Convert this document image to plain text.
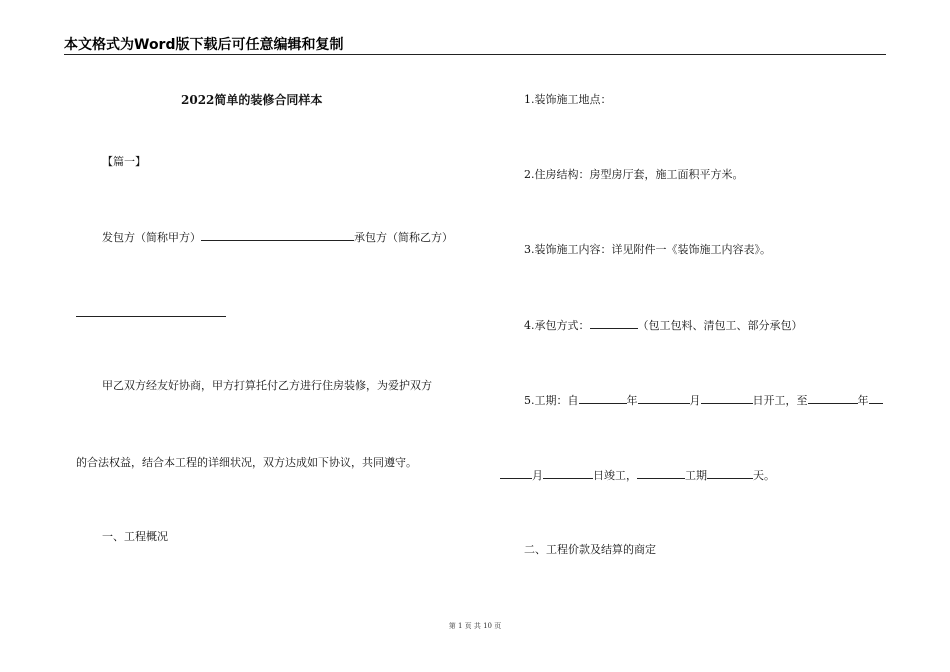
本文格式为Word版下载后可任意编辑和复制
2022简单的装修合同样本
【篇一】
发包方（简称甲方）	承包方（简称乙方）
甲乙双方经友好协商，甲方打算托付乙方进行住房装修，为爱护双方
的合法权益，结合本工程的详细状况，双方达成如下协议，共同遵守。
一、工程概况
1.装饰施工地点：
2.住房结构：房型房厅套，施工面积平方米。
3.装饰施工内容：详见附件一《装饰施工内容表》。
4.承包方式：	（包工包料、清包工、部分承包）
5.工期：自	年	月	日开工，至	年
月	日竣工，	工期	天。
二、工程价款及结算的商定
第 1 页 共 10 页
